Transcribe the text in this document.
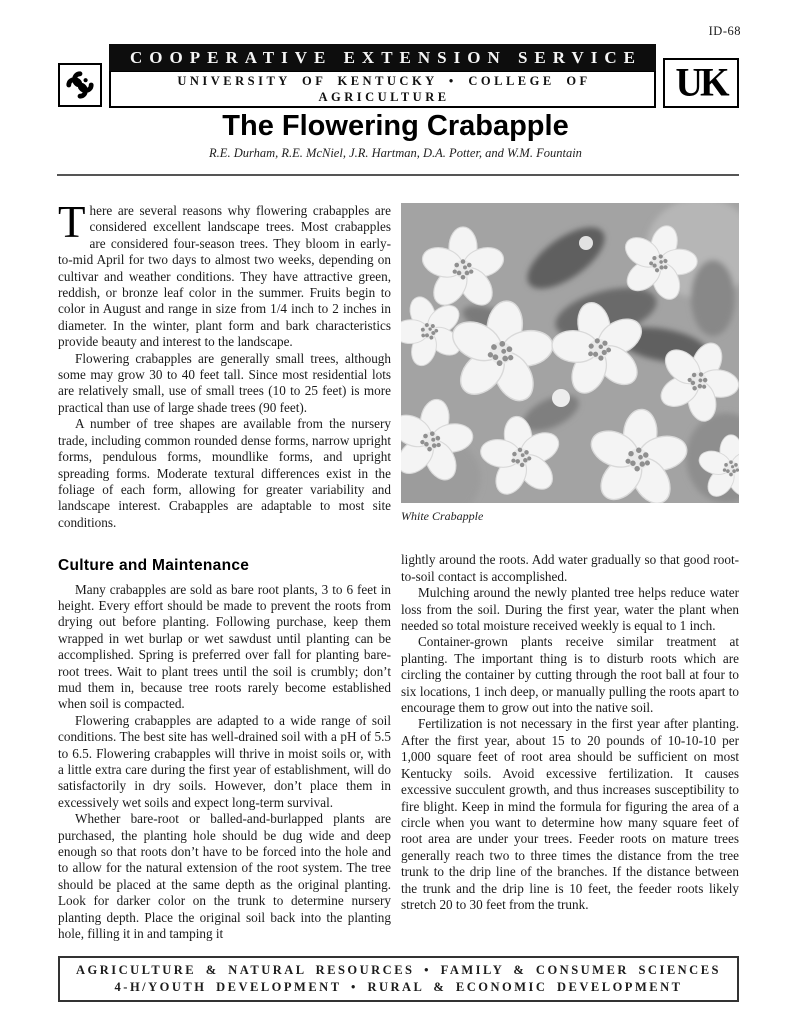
ID-68
COOPERATIVE EXTENSION SERVICE
UNIVERSITY OF KENTUCKY • COLLEGE OF AGRICULTURE	UK
The Flowering Crabapple
R.E. Durham, R.E. McNiel, J.R. Hartman, D.A. Potter, and W.M. Fountain

There are several reasons why flowering crabapples are considered excellent landscape trees. Most crabapples are considered four-season trees. They bloom in early-to-mid April for two days to almost two weeks, depending on cultivar and weather conditions. They have attractive green, reddish, or bronze leaf color in the summer. Fruits begin to color in August and range in size from 1/4 inch to 2 inches in diameter. In the winter, plant form and bark characteristics provide beauty and interest to the landscape.

Flowering crabapples are generally small trees, although some may grow 30 to 40 feet tall. Since most residential lots are relatively small, use of small trees (10 to 25 feet) is more practical than use of large shade trees (90 feet).

A number of tree shapes are available from the nursery trade, including common rounded dense forms, narrow upright forms, pendulous forms, moundlike forms, and upright spreading forms. Moderate textural differences exist in the foliage of each form, allowing for greater variability and landscape interest. Crabapples are adaptable to most site conditions.

Culture and Maintenance

Many crabapples are sold as bare root plants, 3 to 6 feet in height. Every effort should be made to prevent the roots from drying out before planting. Following purchase, keep them wrapped in wet burlap or wet sawdust until planting can be accomplished. Spring is preferred over fall for planting bare-root trees. Wait to plant trees until the soil is crumbly; don’t mud them in, because tree roots rarely become established when soil is compacted.

Flowering crabapples are adapted to a wide range of soil conditions. The best site has well-drained soil with a pH of 5.5 to 6.5. Flowering crabapples will thrive in moist soils or, with a little extra care during the first year of establishment, will do satisfactorily in dry soils. However, don’t place them in excessively wet soils and expect long-term survival.

Whether bare-root or balled-and-burlapped plants are purchased, the planting hole should be dug wide and deep enough so that roots don’t have to be forced into the hole and to allow for the natural extension of the root system. The tree should be placed at the same depth as the original planting. Look for darker color on the trunk to determine nursery planting depth. Place the original soil back into the planting hole, filling it in and tamping it

White Crabapple

lightly around the roots. Add water gradually so that good root-to-soil contact is accomplished.

Mulching around the newly planted tree helps reduce water loss from the soil. During the first year, water the plant when needed so total moisture received weekly is equal to 1 inch.

Container-grown plants receive similar treatment at planting. The important thing is to disturb roots which are circling the container by cutting through the root ball at four to six locations, 1 inch deep, or manually pulling the roots apart to encourage them to grow out into the native soil.

Fertilization is not necessary in the first year after planting. After the first year, about 15 to 20 pounds of 10-10-10 per 1,000 square feet of root area should be sufficient on most Kentucky soils. Avoid excessive fertilization. It causes excessive succulent growth, and thus increases susceptibility to fire blight. Keep in mind the formula for figuring the area of a circle when you want to determine how many square feet of root area are under your trees. Feeder roots on mature trees generally reach two to three times the distance from the tree trunk to the drip line of the branches. If the distance between the trunk and the drip line is 10 feet, the feeder roots likely stretch 20 to 30 feet from the trunk.

AGRICULTURE & NATURAL RESOURCES • FAMILY & CONSUMER SCIENCES
4-H/YOUTH DEVELOPMENT • RURAL & ECONOMIC DEVELOPMENT
